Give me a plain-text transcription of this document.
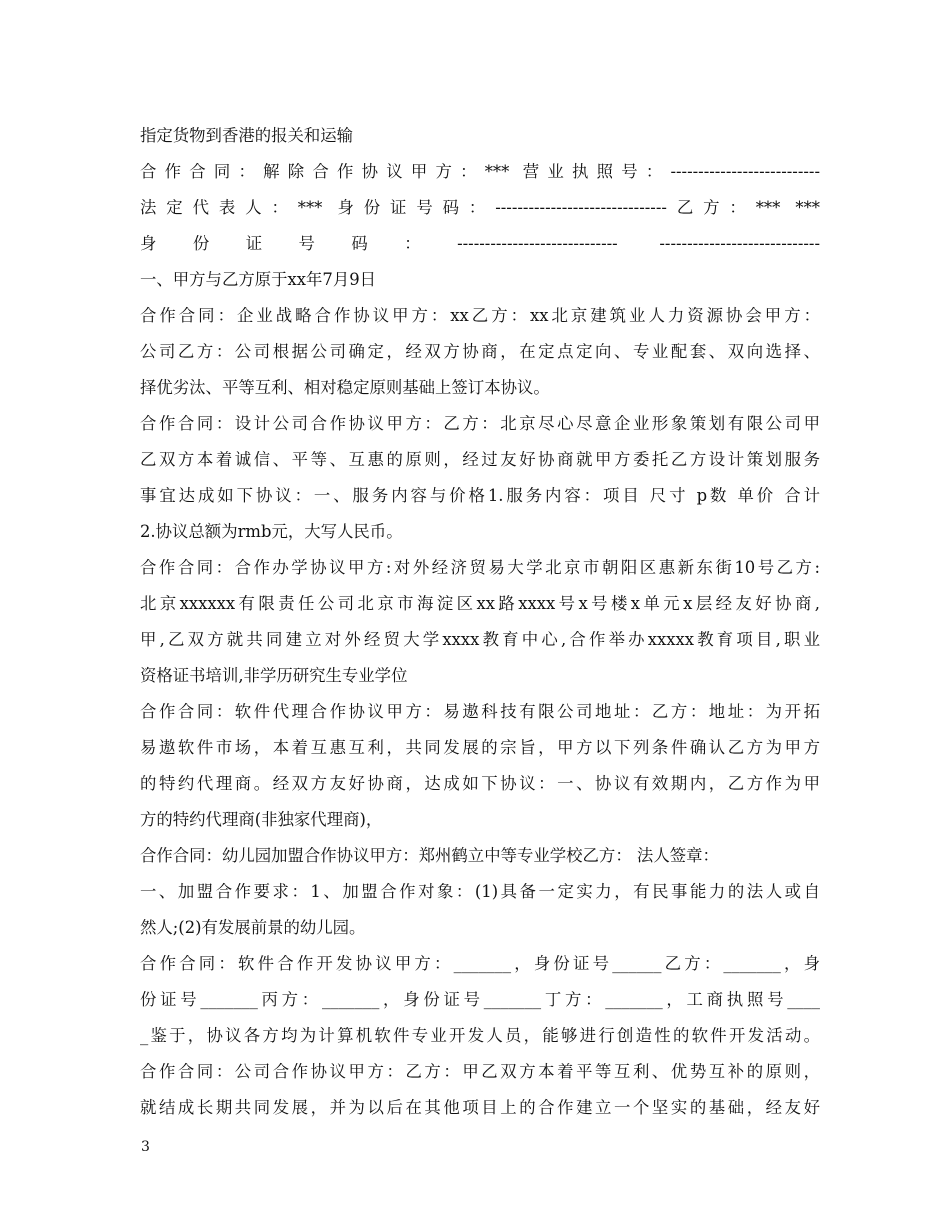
指定货物到香港的报关和运输
合作合同：解除合作协议甲方：*** 营业执照号：---------------------------
法定代表人：*** 身份证号码：-------------------------------乙方：*** ***
身份证号码：----------------------------- -----------------------------
一、甲方与乙方原于xx年7月9日
合作合同：企业战略合作协议甲方：xx乙方：xx北京建筑业人力资源协会甲方：
公司乙方：公司根据公司确定，经双方协商，在定点定向、专业配套、双向选择、
择优劣汰、平等互利、相对稳定原则基础上签订本协议。
合作合同：设计公司合作协议甲方：乙方：北京尽心尽意企业形象策划有限公司甲
乙双方本着诚信、平等、互惠的原则，经过友好协商就甲方委托乙方设计策划服务
事宜达成如下协议：一、服务内容与价格1.服务内容：项目 尺寸 p数 单价 合计
2.协议总额为rmb元，大写人民币。
合作合同：合作办学协议甲方:对外经济贸易大学北京市朝阳区惠新东街10号乙方:
北京xxxxxx有限责任公司北京市海淀区xx路xxxx号x号楼x单元x层经友好协商,
甲,乙双方就共同建立对外经贸大学xxxx教育中心,合作举办xxxxx教育项目,职业
资格证书培训,非学历研究生专业学位
合作合同：软件代理合作协议甲方：易遨科技有限公司地址：乙方：地址：为开拓
易遨软件市场，本着互惠互利，共同发展的宗旨，甲方以下列条件确认乙方为甲方
的特约代理商。经双方友好协商，达成如下协议：一、协议有效期内，乙方作为甲
方的特约代理商(非独家代理商)，
合作合同：幼儿园加盟合作协议甲方：郑州鹤立中等专业学校乙方： 法人签章：
一、加盟合作要求：1、加盟合作对象：(1)具备一定实力，有民事能力的法人或自
然人;(2)有发展前景的幼儿园。
合作合同：软件合作开发协议甲方：_______，身份证号______乙方：_______，身
份证号_______丙方：_______，身份证号_______丁方：_______，工商执照号____
_鉴于，协议各方均为计算机软件专业开发人员，能够进行创造性的软件开发活动。
合作合同：公司合作协议甲方：乙方：甲乙双方本着平等互利、优势互补的原则，
就结成长期共同发展，并为以后在其他项目上的合作建立一个坚实的基础，经友好
3
